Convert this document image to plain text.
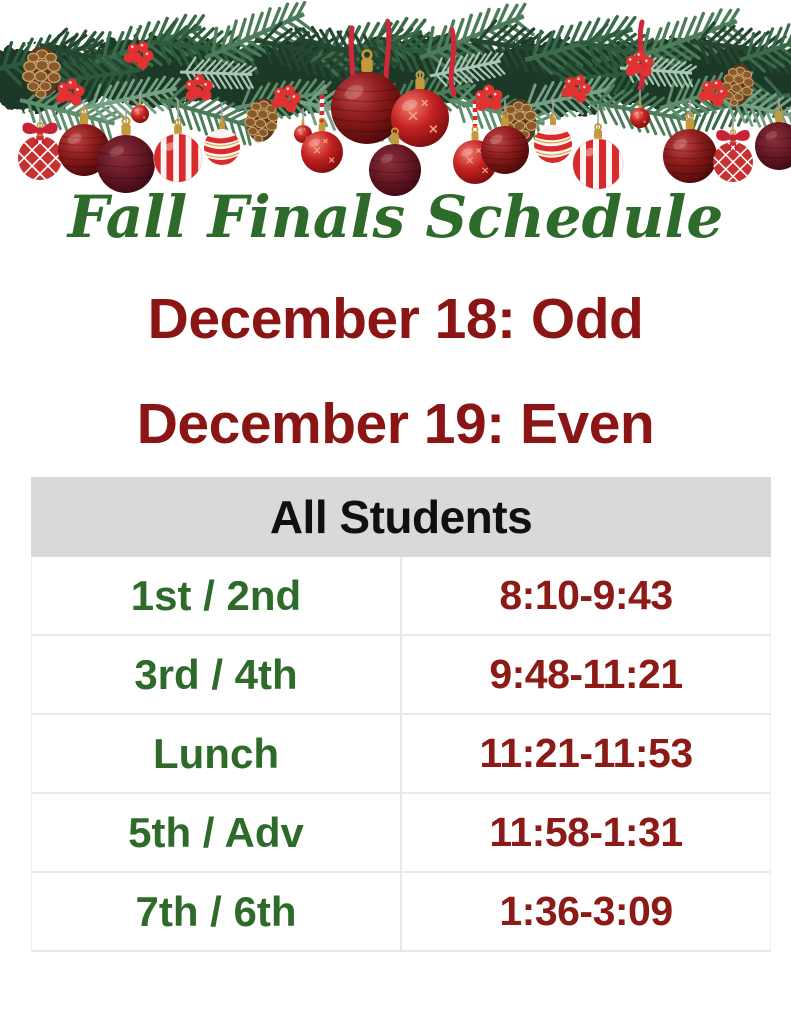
Fall Finals Schedule
December 18: Odd
December 19: Even
All Students
1st / 2nd	8:10-9:43
3rd / 4th	9:48-11:21
Lunch	11:21-11:53
5th / Adv	11:58-1:31
7th / 6th	1:36-3:09
